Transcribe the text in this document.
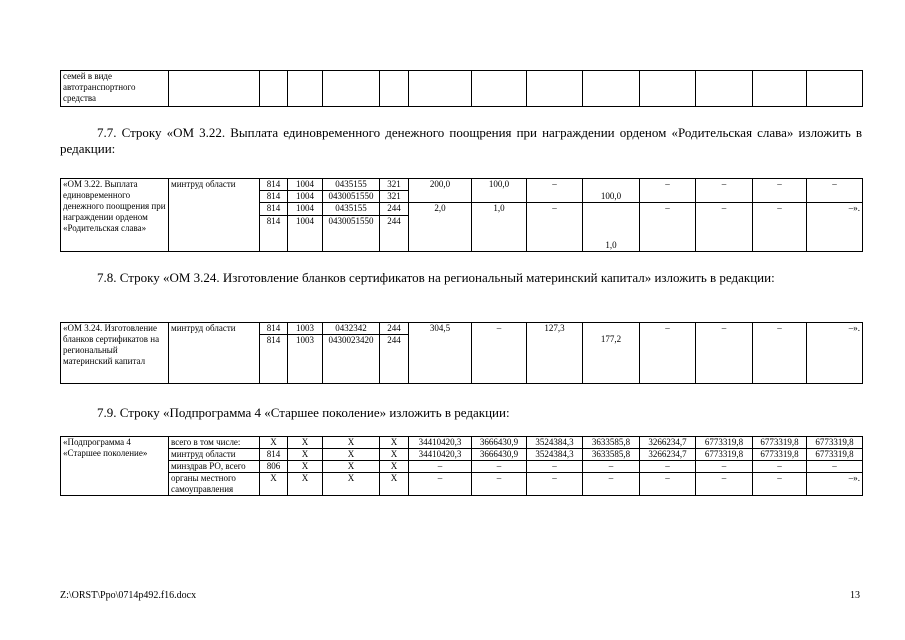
семей в виде автотранспортного средства													
7.7. Строку «ОМ 3.22. Выплата единовременного денежного поощрения при награждении орденом «Родительская слава» изложить в редакции:
«ОМ 3.22. Выплата единовременного денежного поощрения при награждении орденом «Родительская слава»	минтруд области	814	1004	0435155	321	200,0	100,0	–	100,0	–	–	–	–
		814	1004	0430051550	321								
		814	1004	0435155	244	2,0	1,0	–	1,0	–	–	–	–».
		814	1004	0430051550	244								
7.8. Строку «ОМ 3.24. Изготовление бланков сертификатов на региональный материнский капитал» изложить в редакции:
«ОМ 3.24. Изготовление бланков сертификатов на региональный материнский капитал	минтруд области	814	1003	0432342	244	304,5	–	127,3	177,2	–	–	–	–».
		814	1003	0430023420	244								
7.9. Строку «Подпрограмма 4 «Старшее поколение» изложить в редакции:
«Подпрограмма 4 «Старшее поколение»	всего в том числе:	X	X	X	X	34410420,3	3666430,9	3524384,3	3633585,8	3266234,7	6773319,8	6773319,8	6773319,8
	минтруд области	814	X	X	X	34410420,3	3666430,9	3524384,3	3633585,8	3266234,7	6773319,8	6773319,8	6773319,8
	минздрав РО, всего	806	X	X	X	–	–	–	–	–	–	–	–
	органы местного самоуправления	X	X	X	X	–	–	–	–	–	–	–	–».
Z:\ORST\Ppo\0714p492.f16.docx	13
